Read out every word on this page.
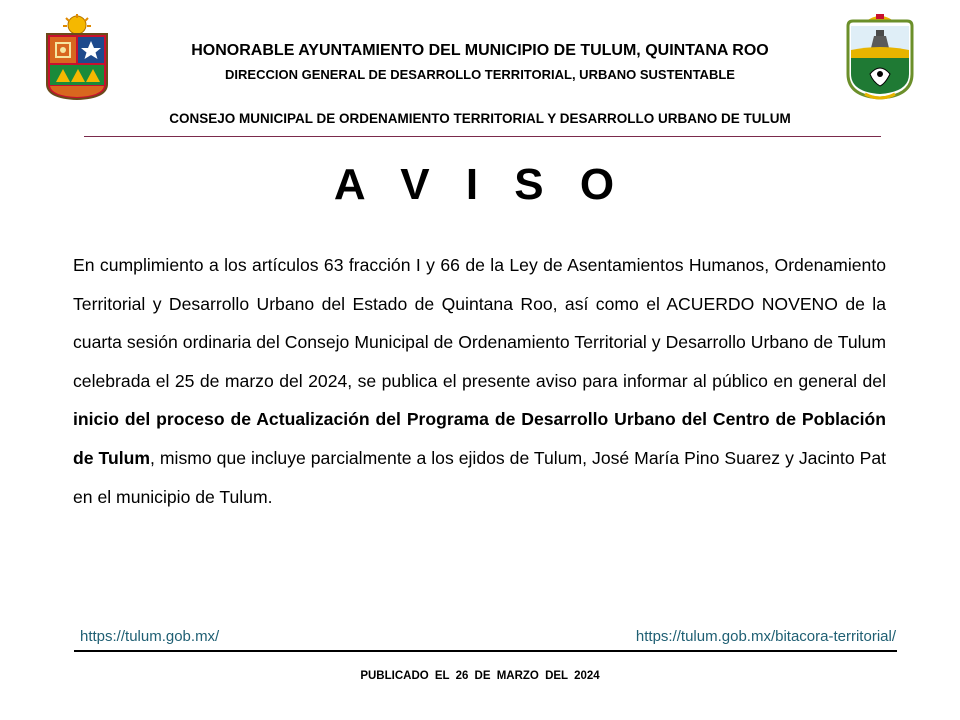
HONORABLE AYUNTAMIENTO DEL MUNICIPIO DE TULUM, QUINTANA ROO
DIRECCION GENERAL DE DESARROLLO TERRITORIAL, URBANO SUSTENTABLE
CONSEJO MUNICIPAL DE ORDENAMIENTO TERRITORIAL Y DESARROLLO URBANO DE TULUM
A V I S O
En cumplimiento a los artículos 63 fracción I y 66 de la Ley de Asentamientos Humanos, Ordenamiento Territorial y Desarrollo Urbano del Estado de Quintana Roo, así como el ACUERDO NOVENO de la cuarta sesión ordinaria del Consejo Municipal de Ordenamiento Territorial y Desarrollo Urbano de Tulum celebrada el 25 de marzo del 2024, se publica el presente aviso para informar al público en general del inicio del proceso de Actualización del Programa de Desarrollo Urbano del Centro de Población de Tulum, mismo que incluye parcialmente a los ejidos de Tulum, José María Pino Suarez y Jacinto Pat en el municipio de Tulum.
https://tulum.gob.mx/	https://tulum.gob.mx/bitacora-territorial/
PUBLICADO EL 26 DE MARZO DEL 2024
